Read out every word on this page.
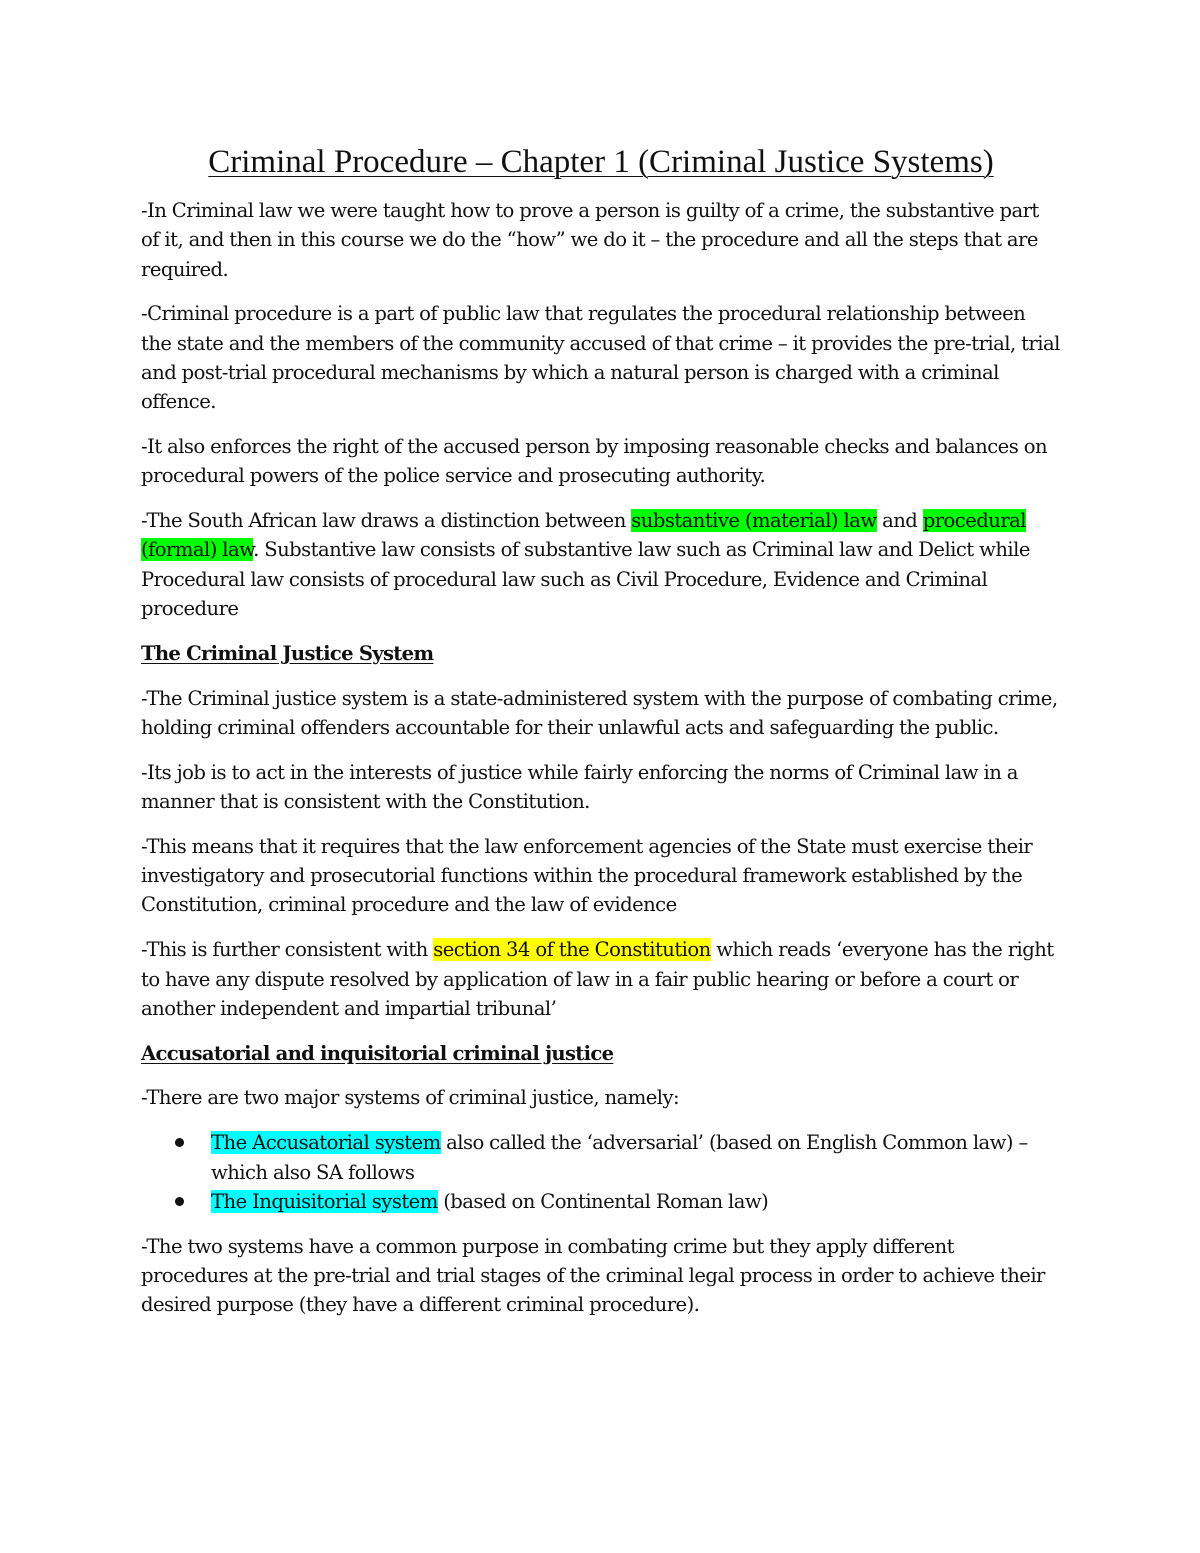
Criminal Procedure – Chapter 1 (Criminal Justice Systems)

-In Criminal law we were taught how to prove a person is guilty of a crime, the substantive part of it, and then in this course we do the “how” we do it – the procedure and all the steps that are required.

-Criminal procedure is a part of public law that regulates the procedural relationship between the state and the members of the community accused of that crime – it provides the pre-trial, trial and post-trial procedural mechanisms by which a natural person is charged with a criminal offence.

-It also enforces the right of the accused person by imposing reasonable checks and balances on procedural powers of the police service and prosecuting authority.

-The South African law draws a distinction between substantive (material) law and procedural (formal) law. Substantive law consists of substantive law such as Criminal law and Delict while Procedural law consists of procedural law such as Civil Procedure, Evidence and Criminal procedure

The Criminal Justice System

-The Criminal justice system is a state-administered system with the purpose of combating crime, holding criminal offenders accountable for their unlawful acts and safeguarding the public.

-Its job is to act in the interests of justice while fairly enforcing the norms of Criminal law in a manner that is consistent with the Constitution.

-This means that it requires that the law enforcement agencies of the State must exercise their investigatory and prosecutorial functions within the procedural framework established by the Constitution, criminal procedure and the law of evidence

-This is further consistent with section 34 of the Constitution which reads ‘everyone has the right to have any dispute resolved by application of law in a fair public hearing or before a court or another independent and impartial tribunal’

Accusatorial and inquisitorial criminal justice

-There are two major systems of criminal justice, namely:

The Accusatorial system also called the ‘adversarial’ (based on English Common law) – which also SA follows
The Inquisitorial system (based on Continental Roman law)

-The two systems have a common purpose in combating crime but they apply different procedures at the pre-trial and trial stages of the criminal legal process in order to achieve their desired purpose (they have a different criminal procedure).
